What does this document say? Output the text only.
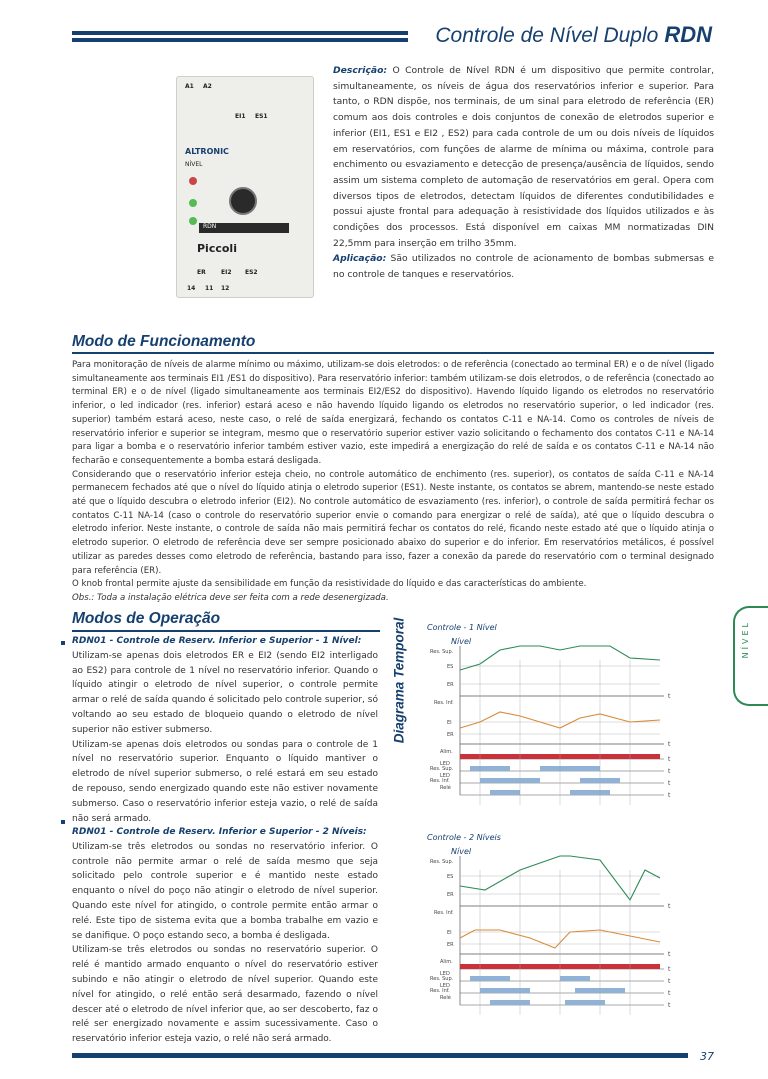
Controle de Nível Duplo RDN
A1 A2
EI1 ES1
ALTRONIC
NÍVEL
RDN
Piccoli
ER	EI2 ES2
14 11 12
Descrição: O Controle de Nível RDN é um dispositivo que permite controlar, simultaneamente, os níveis de água dos reservatórios inferior e superior. Para tanto, o RDN dispõe, nos terminais, de um sinal para eletrodo de referência (ER) comum aos dois controles e dois conjuntos de conexão de eletrodos superior e inferior (EI1, ES1 e EI2 , ES2) para cada controle de um ou dois níveis de líquidos em reservatórios, com funções de alarme de mínima ou máxima, controle para enchimento ou esvaziamento e detecção de presença/ausência de líquidos, sendo assim um sistema completo de automação de reservatórios em geral. Opera com diversos tipos de eletrodos, detectam líquidos de diferentes condutibilidades e possui ajuste frontal para adequação à resistividade dos líquidos utilizados e às condições dos processos. Está disponível em caixas MM normatizadas DIN 22,5mm para inserção em trilho 35mm.
Aplicação: São utilizados no controle de acionamento de bombas submersas e no controle de tanques e reservatórios.
Modo de Funcionamento

Para monitoração de níveis de alarme mínimo ou máximo, utilizam-se dois eletrodos: o de referência (conectado ao terminal ER) e o de nível (ligado simultaneamente aos terminais EI1 /ES1 do dispositivo). Para reservatório inferior: também utilizam-se dois eletrodos, o de referência (conectado ao terminal ER) e o de nível (ligado simultaneamente aos terminais EI2/ES2 do dispositivo). Havendo líquido ligando os eletrodos no reservatório inferior, o led indicador (res. inferior) estará aceso e não havendo líquido ligando os eletrodos no reservatório superior, o led indicador (res. superior) também estará aceso, neste caso, o relé de saída energizará, fechando os contatos C-11 e NA-14. Como os controles de níveis de reservatório inferior e superior se integram, mesmo que o reservatório superior estiver vazio solicitando o fechamento dos contatos C-11 e NA-14 para ligar a bomba e o reservatório inferior também estiver vazio, este impedirá a energização do relé de saída e os contatos C-11 e NA-14 não fecharão e consequentemente a bomba estará desligada.

Considerando que o reservatório inferior esteja cheio, no controle automático de enchimento (res. superior), os contatos de saída C-11 e NA-14 permanecem fechados até que o nível do líquido atinja o eletrodo superior (ES1). Neste instante, os contatos se abrem, mantendo-se neste estado até que o líquido descubra o eletrodo inferior (EI2). No controle automático de esvaziamento (res. inferior), o controle de saída permitirá fechar os contatos C-11 NA-14 (caso o controle do reservatório superior envie o comando para energizar o relé de saída), até que o líquido descubra o eletrodo inferior. Neste instante, o controle de saída não mais permitirá fechar os contatos do relé, ficando neste estado até que o líquido atinja o eletrodo superior. O eletrodo de referência deve ser sempre posicionado abaixo do superior e do inferior. Em reservatórios metálicos, é possível utilizar as paredes desses como eletrodo de referência, bastando para isso, fazer a conexão da parede do reservatório com o terminal designado para referência (ER).

O knob frontal permite ajuste da sensibilidade em função da resistividade do líquido e das características do ambiente.

Obs.: Toda a instalação elétrica deve ser feita com a rede desenergizada.

Modos de Operação

RDN01 - Controle de Reserv. Inferior e Superior - 1 Nível:

Utilizam-se apenas dois eletrodos ER e EI2 (sendo EI2 interligado ao ES2) para controle de 1 nível no reservatório inferior. Quando o líquido atingir o eletrodo de nível superior, o controle permite armar o relé de saída quando é solicitado pelo controle superior, só voltando ao seu estado de bloqueio quando o eletrodo de nível superior não estiver submerso.

Utilizam-se apenas dois eletrodos ou sondas para o controle de 1 nível no reservatório superior. Enquanto o líquido mantiver o eletrodo de nível superior submerso, o relé estará em seu estado de repouso, sendo energizado quando este não estiver novamente submerso. Caso o reservatório inferior esteja vazio, o relé de saída não será armado.

RDN01 - Controle de Reserv. Inferior e Superior - 2 Níveis:

Utilizam-se três eletrodos ou sondas no reservatório inferior. O controle não permite armar o relé de saída mesmo que seja solicitado pelo controle superior e é mantido neste estado enquanto o nível do poço não atingir o eletrodo de nível superior. Quando este nível for atingido, o controle permite então armar o relé. Este tipo de sistema evita que a bomba trabalhe em vazio e se danifique. O poço estando seco, a bomba é desligada.

Utilizam-se três eletrodos ou sondas no reservatório superior. O relé é mantido armado enquanto o nível do reservatório estiver subindo e não atingir o eletrodo de nível superior. Quando este nível for atingido, o relé então será desarmado, fazendo o nível descer até o eletrodo de nível inferior que, ao ser descoberto, faz o relé ser energizado novamente e assim sucessivamente. Caso o reservatório inferior esteja vazio, o relé não será armado.

Diagrama Temporal	NÍVEL
Controle - 1 Nível
Nível
Res. Sup.
ES
ER
t
Res. Inf.
EI
ER
t
Alim.
t
LED
Res. Sup.	t
LED
Res. Inf.	t
Relé
t
Controle - 2 Níveis
Nível
Res. Sup.
ES
ER
t
Res. Inf.
EI
ER
t
Alim.
t
LED
Res. Sup.	t
LED
Res. Inf.	t
Relé
t
37
